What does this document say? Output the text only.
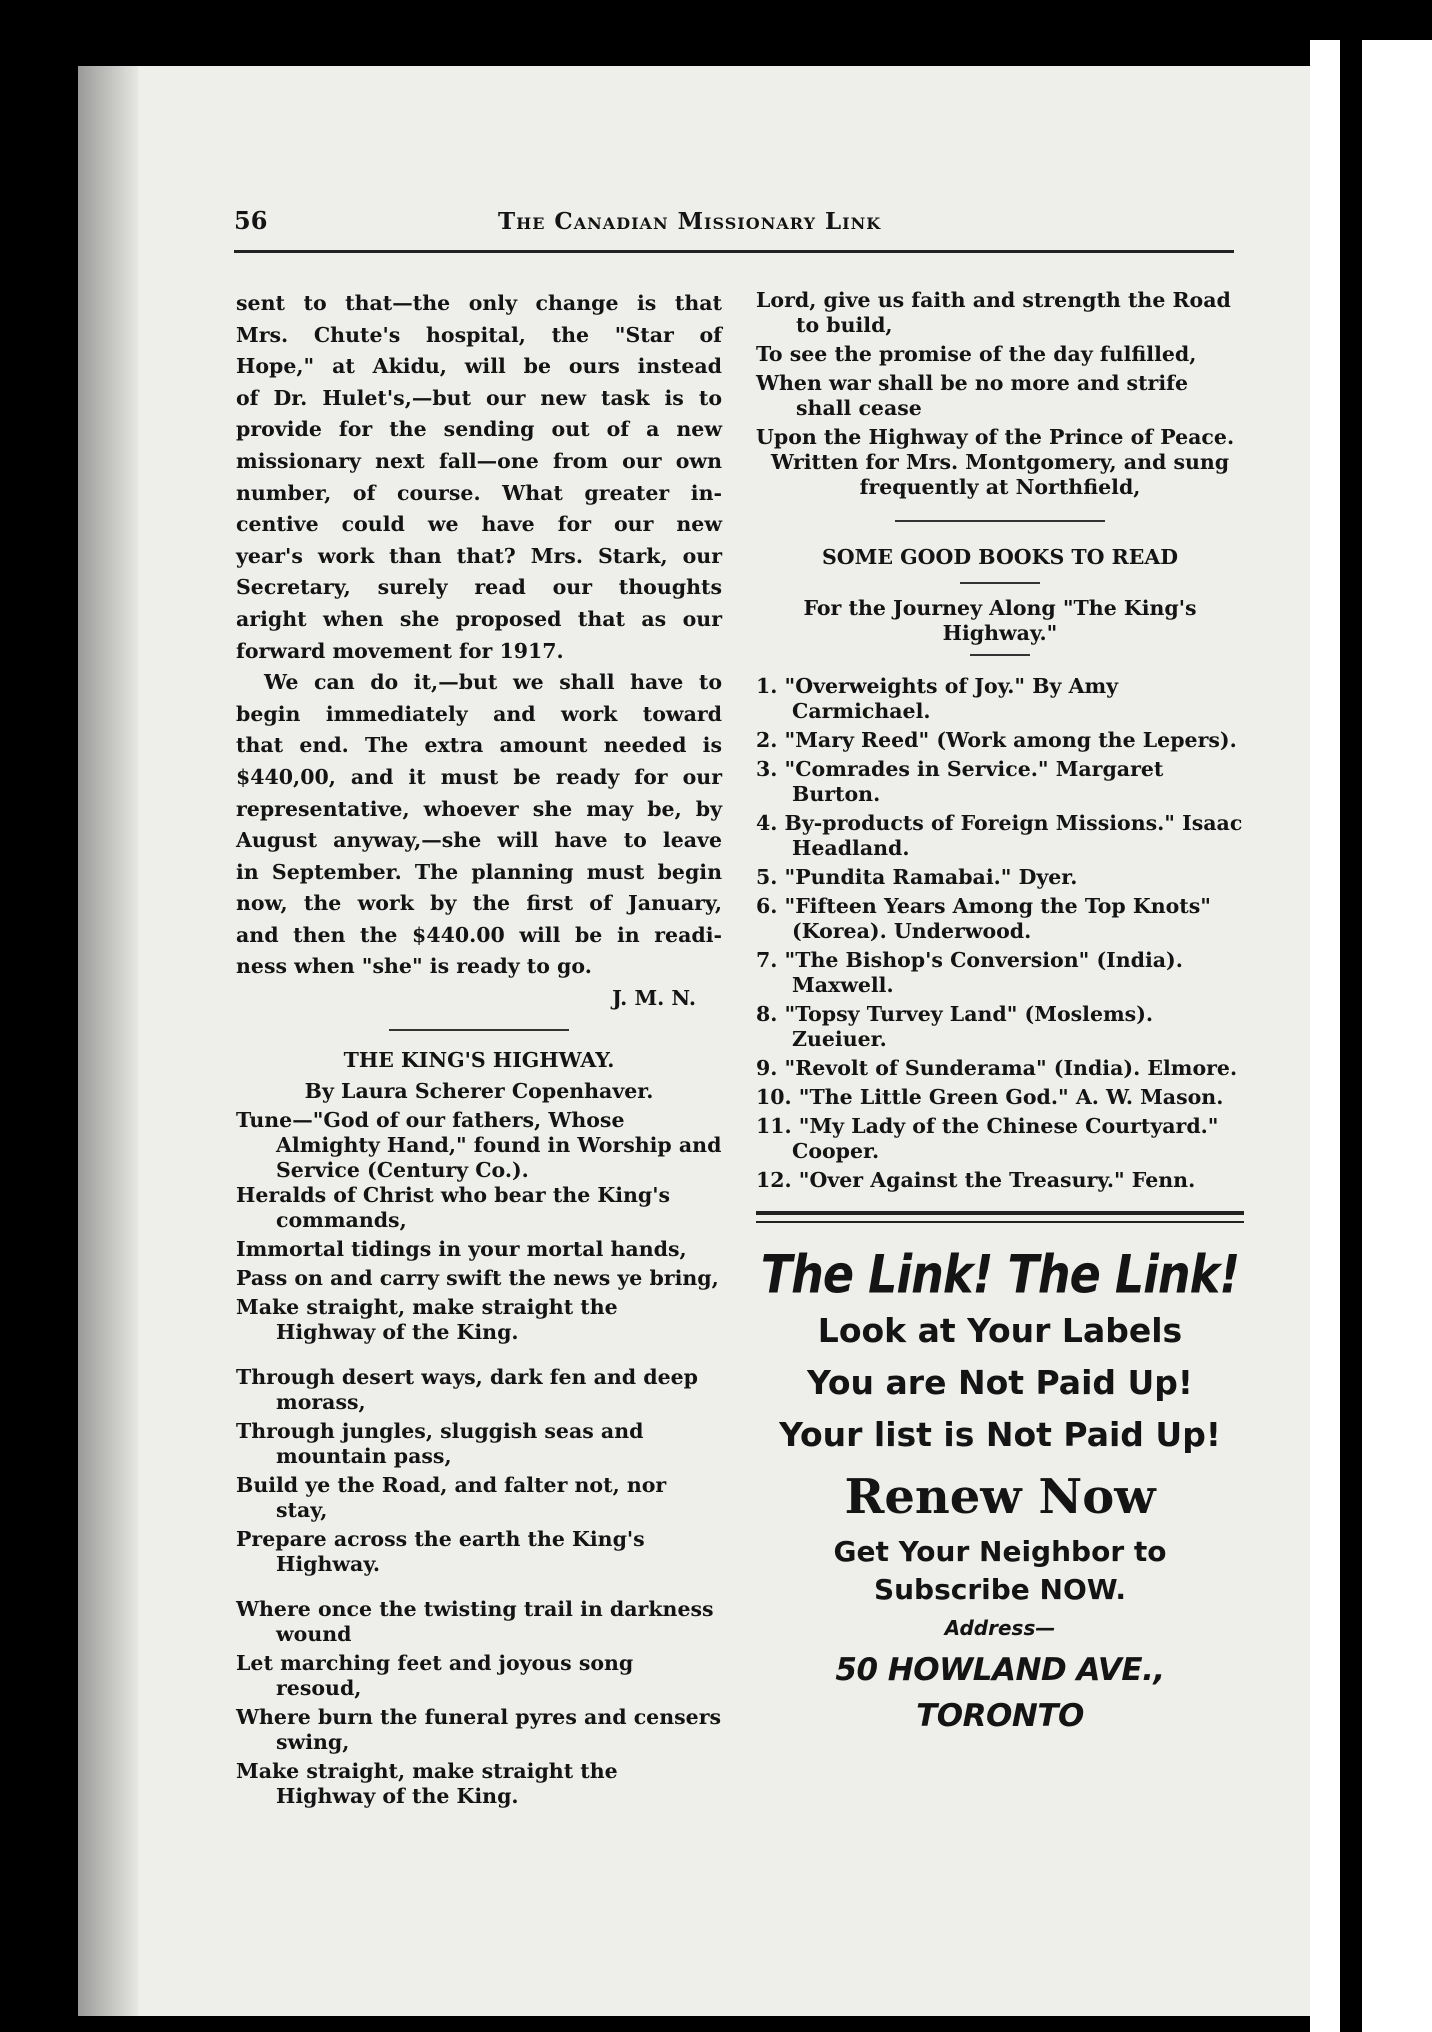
56	The Canadian Missionary Link

sent to that—the only change is that

Mrs. Chute's hospital, the "Star of

Hope," at Akidu, will be ours instead

of Dr. Hulet's,—but our new task is to

provide for the sending out of a new

missionary next fall—one from our own

number, of course. What greater in-

centive could we have for our new

year's work than that? Mrs. Stark, our

Secretary, surely read our thoughts

aright when she proposed that as our

forward movement for 1917.

We can do it,—but we shall have to

begin immediately and work toward

that end. The extra amount needed is

$440,00, and it must be ready for our

representative, whoever she may be, by

August anyway,—she will have to leave

in September. The planning must begin

now, the work by the first of January,

and then the $440.00 will be in readi-

ness when "she" is ready to go.

J. M. N.

THE KING'S HIGHWAY.

By Laura Scherer Copenhaver.

Tune—"God of our fathers, Whose Almighty Hand," found in Worship and Service (Century Co.).

Heralds of Christ who bear the King's commands,

Immortal tidings in your mortal hands,

Pass on and carry swift the news ye bring,

Make straight, make straight the Highway of the King.

Through desert ways, dark fen and deep morass,

Through jungles, sluggish seas and mountain pass,

Build ye the Road, and falter not, nor stay,

Prepare across the earth the King's Highway.

Where once the twisting trail in darkness wound

Let marching feet and joyous song resoud,

Where burn the funeral pyres and censers swing,

Make straight, make straight the Highway of the King.

Lord, give us faith and strength the Road to build,

To see the promise of the day fulfilled,

When war shall be no more and strife shall cease

Upon the Highway of the Prince of Peace.

Written for Mrs. Montgomery, and sung frequently at Northfield,

SOME GOOD BOOKS TO READ

For the Journey Along "The King's Highway."

1. "Overweights of Joy." By Amy Carmichael.

2. "Mary Reed" (Work among the Lepers).

3. "Comrades in Service." Margaret Burton.

4. By-products of Foreign Missions." Isaac Headland.

5. "Pundita Ramabai." Dyer.

6. "Fifteen Years Among the Top Knots" (Korea). Underwood.

7. "The Bishop's Conversion" (India). Maxwell.

8. "Topsy Turvey Land" (Moslems). Zueiuer.

9. "Revolt of Sunderama" (India). Elmore.

10. "The Little Green God." A. W. Mason.

11. "My Lady of the Chinese Courtyard." Cooper.

12. "Over Against the Treasury." Fenn.

The Link! The Link!
Look at Your Labels
You are Not Paid Up!
Your list is Not Paid Up!
Renew Now
Get Your Neighbor to
Subscribe NOW.
Address—
50 HOWLAND AVE., TORONTO
